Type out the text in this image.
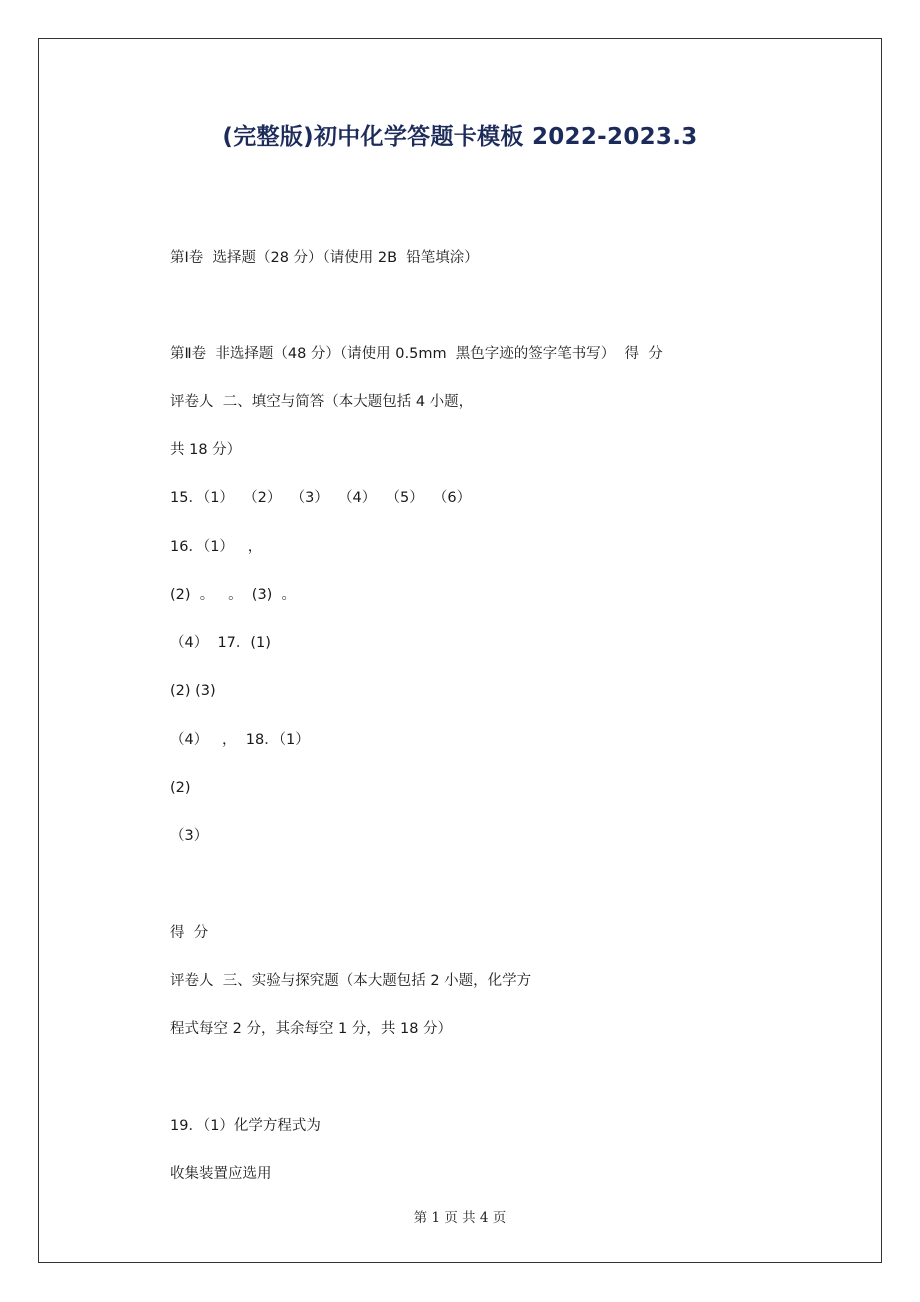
(完整版)初中化学答题卡模板 2022-2023.3
第Ⅰ卷  选择题（28 分）（请使用 2B  铅笔填涂）
第Ⅱ卷  非选择题（48 分）（请使用 0.5mm  黑色字迹的签字笔书写）  得  分
评卷人  二、填空与简答（本大题包括 4 小题，
共 18 分）
15．（1）  （2）  （3）  （4）  （5）  （6）
16．（1）   ，
(2)  。   。  (3)  。
（4）  17．(1)
(2) (3)
（4）   ，  18．（1）
(2)
（3）
得  分
评卷人  三、实验与探究题（本大题包括 2 小题，化学方
程式每空 2 分，其余每空 1 分，共 18 分）
19．（1）化学方程式为
收集装置应选用
第 1 页 共 4 页
